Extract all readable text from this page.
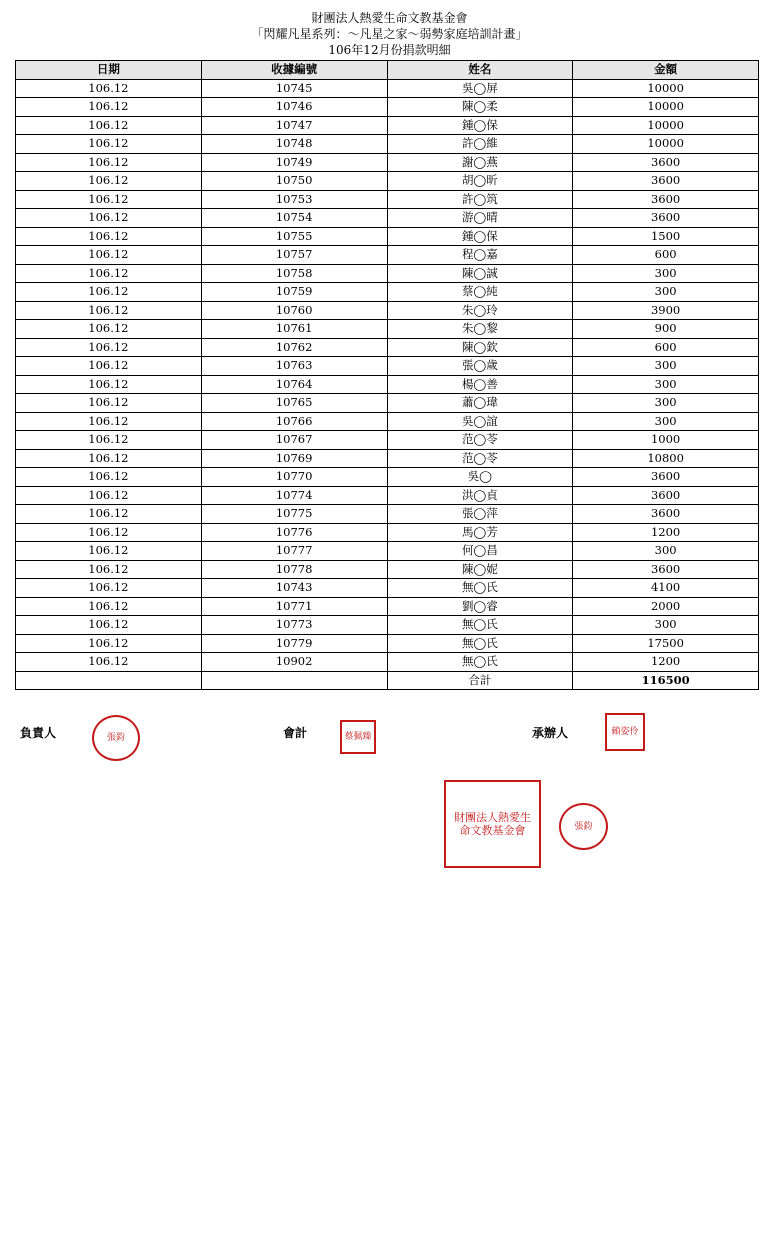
財團法人熱愛生命文教基金會
「閃耀凡星系列：～凡星之家～弱勢家庭培訓計畫」
106年12月份捐款明細
日期	收據編號	姓名	金額
106.12	10745	吳◯屏	10000
106.12	10746	陳◯柔	10000
106.12	10747	鍾◯保	10000
106.12	10748	許◯維	10000
106.12	10749	謝◯燕	3600
106.12	10750	胡◯昕	3600
106.12	10753	許◯筑	3600
106.12	10754	游◯晴	3600
106.12	10755	鍾◯保	1500
106.12	10757	程◯嘉	600
106.12	10758	陳◯誠	300
106.12	10759	蔡◯純	300
106.12	10760	朱◯玲	3900
106.12	10761	朱◯黎	900
106.12	10762	陳◯欽	600
106.12	10763	張◯歲	300
106.12	10764	楊◯善	300
106.12	10765	蕭◯瑋	300
106.12	10766	吳◯誼	300
106.12	10767	范◯苓	1000
106.12	10769	范◯苓	10800
106.12	10770	吳◯	3600
106.12	10774	洪◯貞	3600
106.12	10775	張◯萍	3600
106.12	10776	馬◯芳	1200
106.12	10777	何◯昌	300
106.12	10778	陳◯妮	3600
106.12	10743	無◯氏	4100
106.12	10771	劉◯睿	2000
106.12	10773	無◯氏	300
106.12	10779	無◯氏	17500
106.12	10902	無◯氏	1200
		合計	116500
負責人	張鈞	會計	蔡佩臻	承辦人	賴姿伶
財團法人熱愛生命文教基金會	張鈞
